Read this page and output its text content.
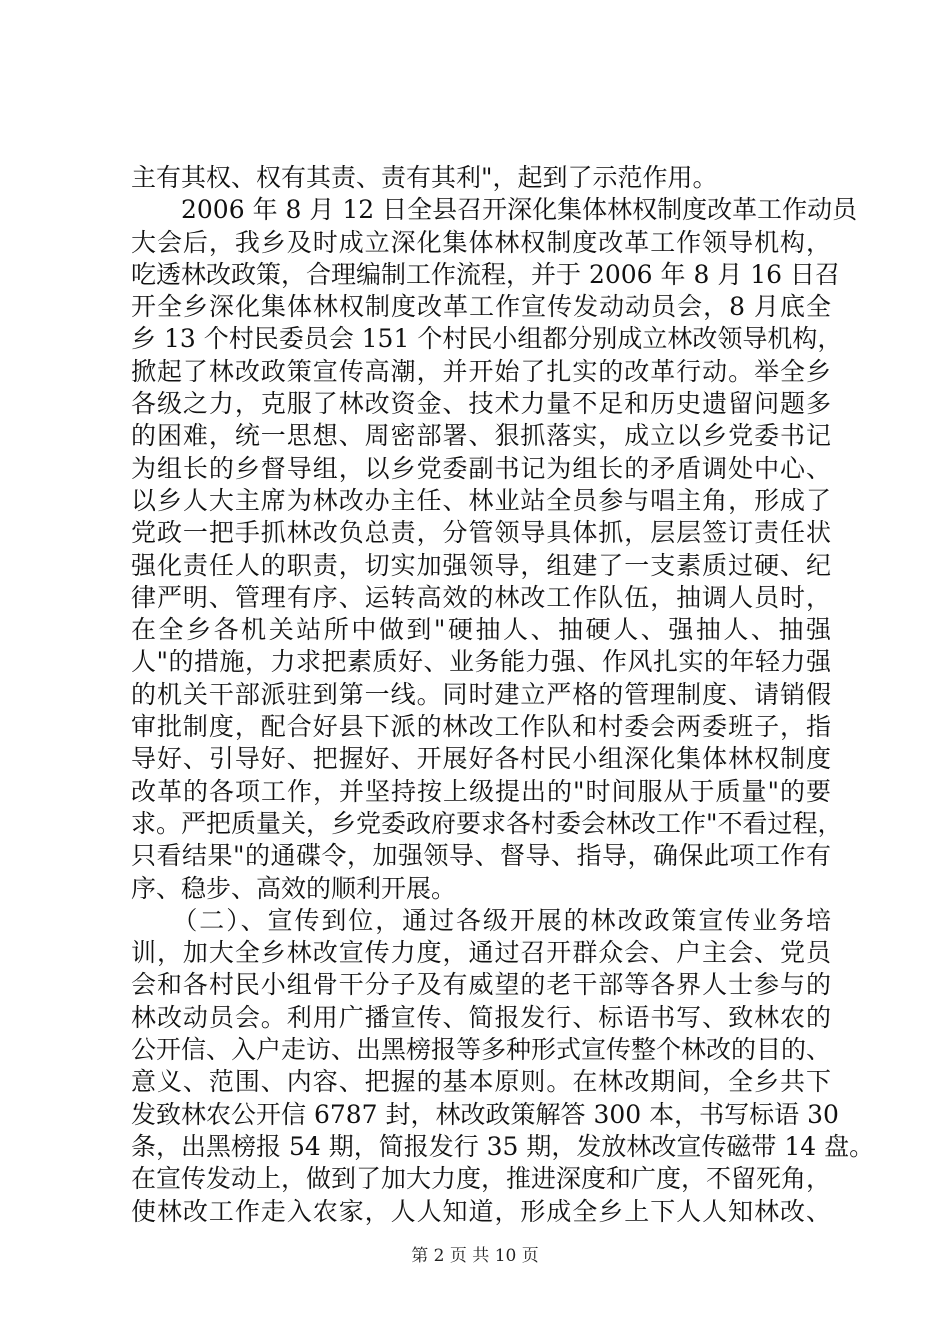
主有其权、权有其责、责有其利"，起到了示范作用。
　　2006 年 8 月 12 日全县召开深化集体林权制度改革工作动员
大会后，我乡及时成立深化集体林权制度改革工作领导机构，
吃透林改政策，合理编制工作流程，并于 2006 年 8 月 16 日召
开全乡深化集体林权制度改革工作宣传发动动员会，8 月底全
乡 13 个村民委员会 151 个村民小组都分别成立林改领导机构，
掀起了林改政策宣传高潮，并开始了扎实的改革行动。举全乡
各级之力，克服了林改资金、技术力量不足和历史遗留问题多
的困难，统一思想、周密部署、狠抓落实，成立以乡党委书记
为组长的乡督导组，以乡党委副书记为组长的矛盾调处中心、
以乡人大主席为林改办主任、林业站全员参与唱主角，形成了
党政一把手抓林改负总责，分管领导具体抓，层层签订责任状
强化责任人的职责，切实加强领导，组建了一支素质过硬、纪
律严明、管理有序、运转高效的林改工作队伍，抽调人员时，
在全乡各机关站所中做到"硬抽人、抽硬人、强抽人、抽强
人"的措施，力求把素质好、业务能力强、作风扎实的年轻力强
的机关干部派驻到第一线。同时建立严格的管理制度、请销假
审批制度，配合好县下派的林改工作队和村委会两委班子，指
导好、引导好、把握好、开展好各村民小组深化集体林权制度
改革的各项工作，并坚持按上级提出的"时间服从于质量"的要
求。严把质量关，乡党委政府要求各村委会林改工作"不看过程，
只看结果"的通碟令，加强领导、督导、指导，确保此项工作有
序、稳步、高效的顺利开展。
　　（二）、宣传到位，通过各级开展的林改政策宣传业务培
训，加大全乡林改宣传力度，通过召开群众会、户主会、党员
会和各村民小组骨干分子及有威望的老干部等各界人士参与的
林改动员会。利用广播宣传、简报发行、标语书写、致林农的
公开信、入户走访、出黑榜报等多种形式宣传整个林改的目的、
意义、范围、内容、把握的基本原则。在林改期间，全乡共下
发致林农公开信 6787 封，林改政策解答 300 本，书写标语 30
条，出黑榜报 54 期，简报发行 35 期，发放林改宣传磁带 14 盘。
在宣传发动上，做到了加大力度，推进深度和广度，不留死角，
使林改工作走入农家，人人知道，形成全乡上下人人知林改、
第 2 页 共 10 页
